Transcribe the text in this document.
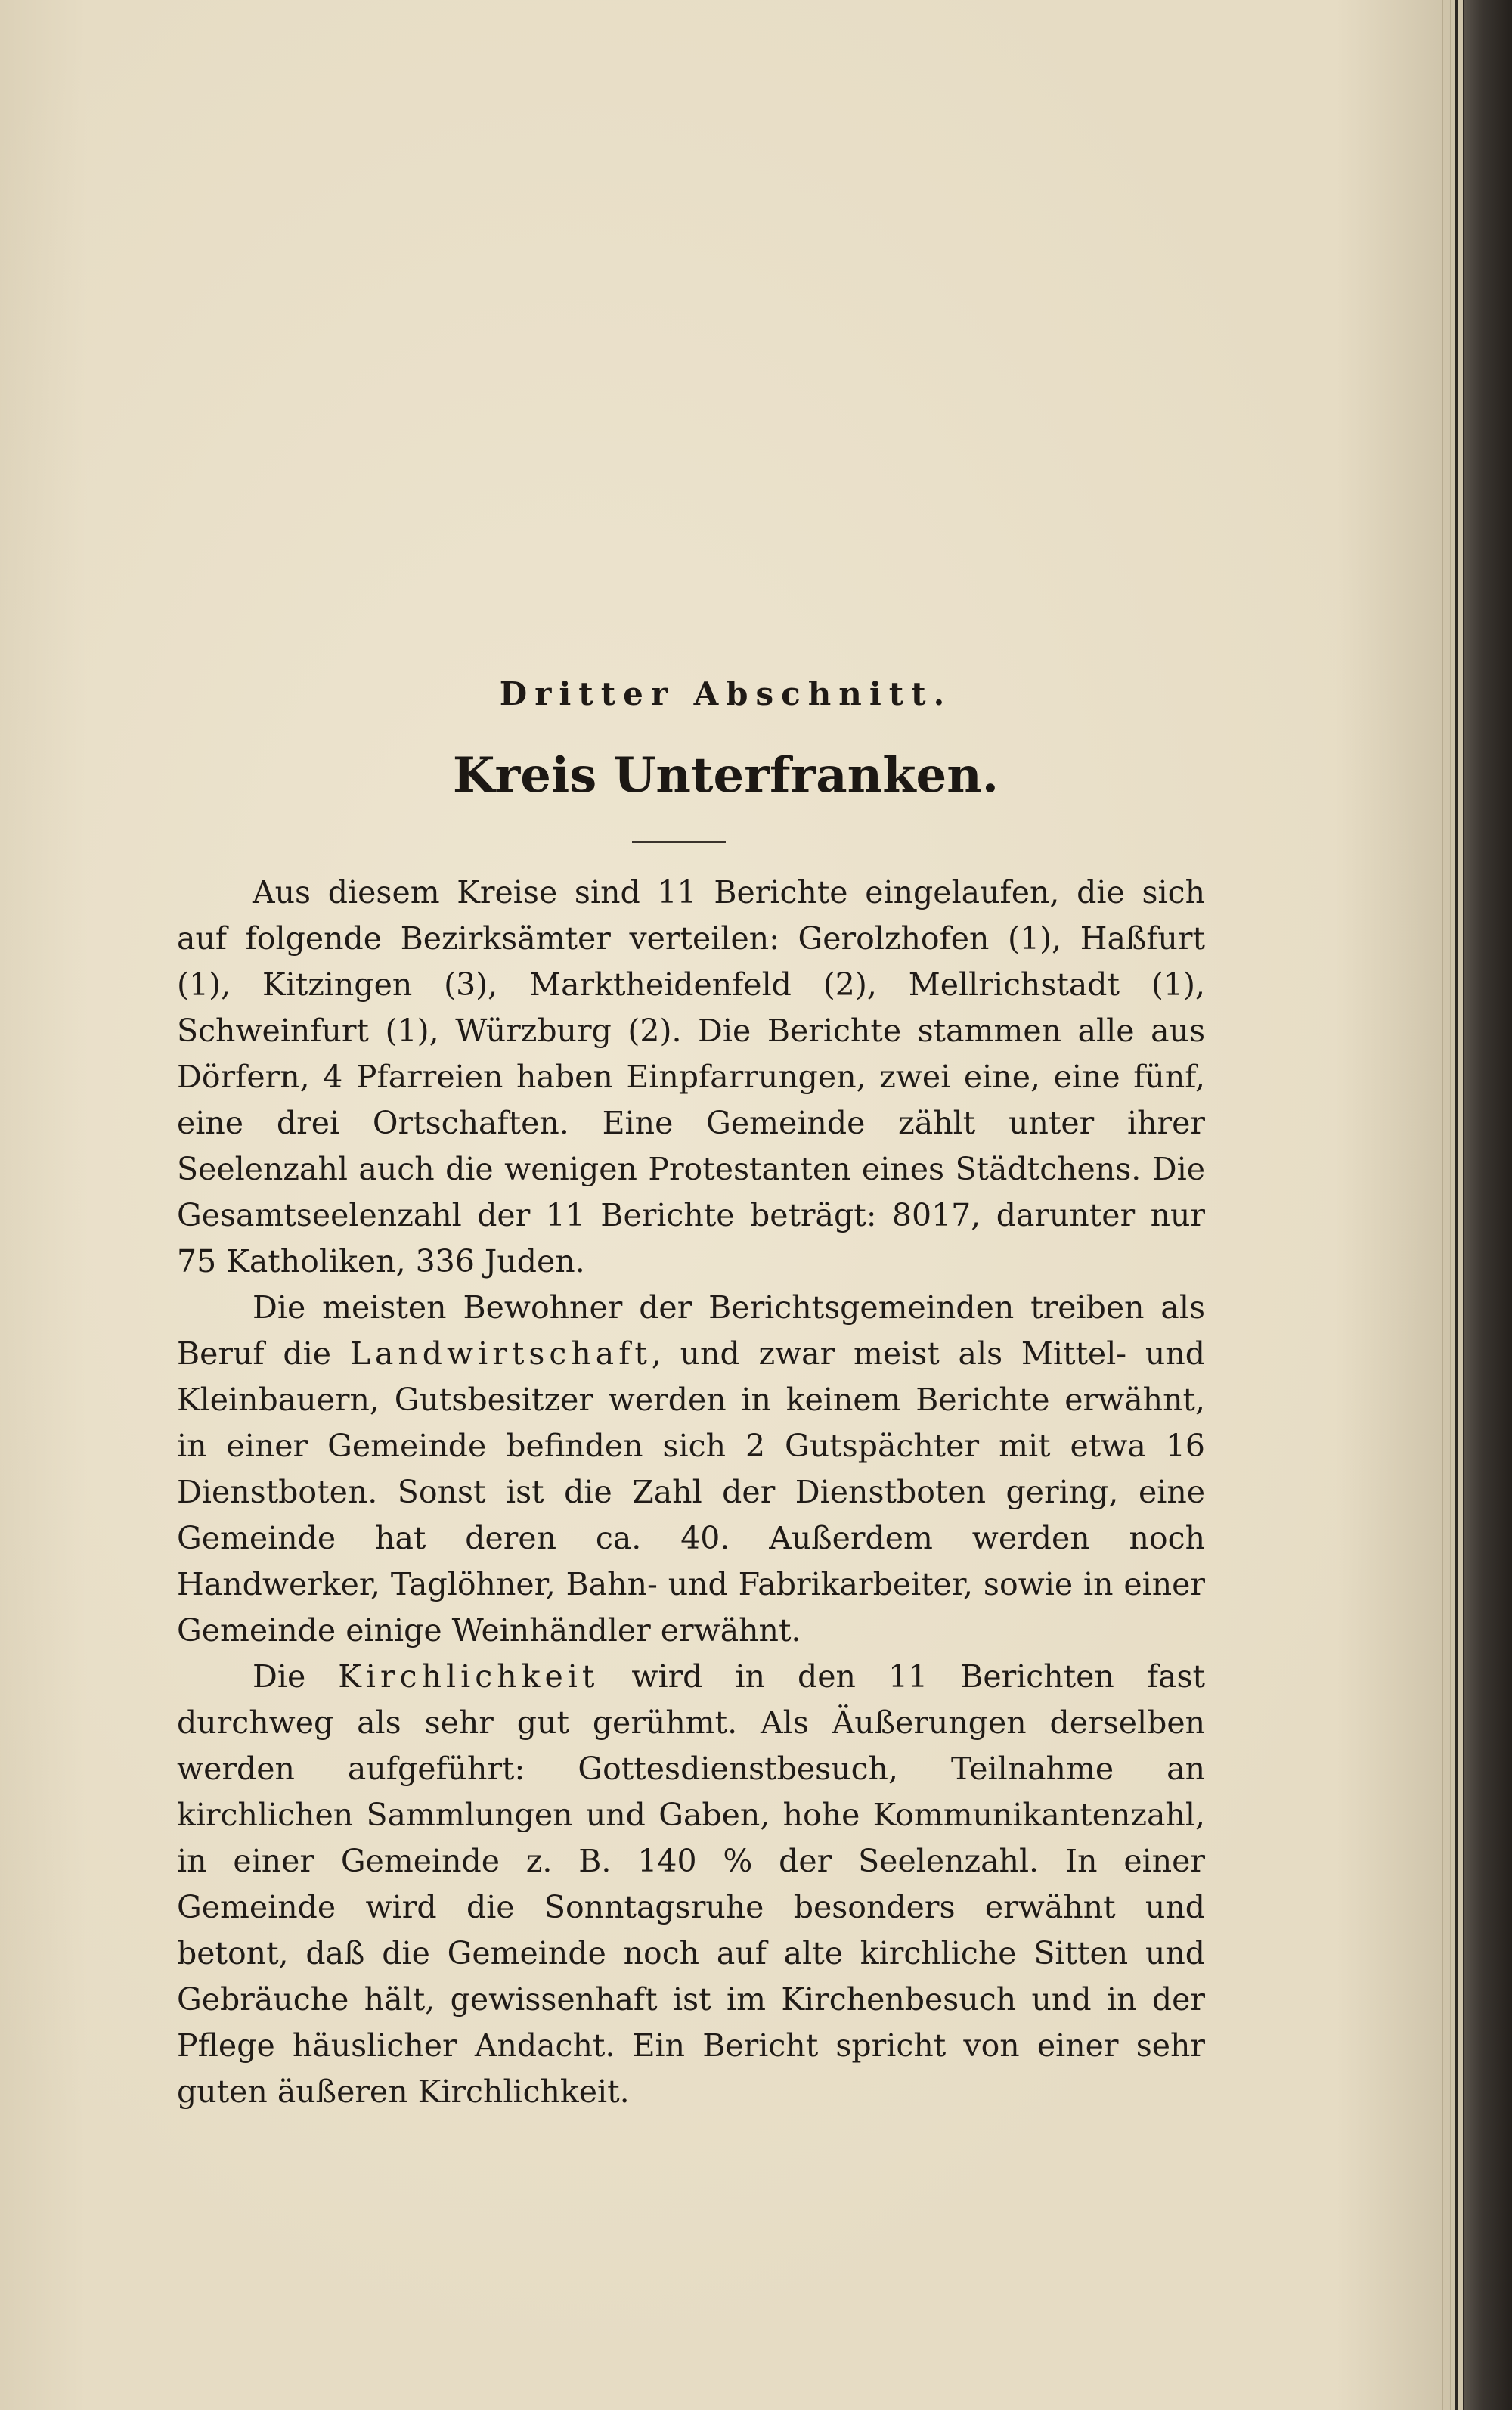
Dritter Abschnitt.
Kreis Unterfranken.

Aus diesem Kreise sind 11 Berichte eingelaufen, die sich auf folgende Bezirksämter verteilen: Gerolzhofen (1), Haßfurt (1), Kitzingen (3), Marktheidenfeld (2), Mellrichstadt (1), Schweinfurt (1), Würzburg (2). Die Berichte stammen alle aus Dörfern, 4 Pfarreien haben Einpfarrungen, zwei eine, eine fünf, eine drei Ortschaften. Eine Gemeinde zählt unter ihrer Seelenzahl auch die wenigen Protestanten eines Städtchens. Die Gesamtseelenzahl der 11 Berichte beträgt: 8017, darunter nur 75 Katholiken, 336 Juden.

Die meisten Bewohner der Berichtsgemeinden treiben als Beruf die Landwirtschaft, und zwar meist als Mittel- und Kleinbauern, Gutsbesitzer werden in keinem Berichte erwähnt, in einer Gemeinde befinden sich 2 Gutspächter mit etwa 16 Dienstboten. Sonst ist die Zahl der Dienstboten gering, eine Gemeinde hat deren ca. 40. Außerdem werden noch Handwerker, Taglöhner, Bahn- und Fabrikarbeiter, sowie in einer Gemeinde einige Weinhändler erwähnt.

Die Kirchlichkeit wird in den 11 Berichten fast durchweg als sehr gut gerühmt. Als Äußerungen derselben werden aufgeführt: Gottesdienstbesuch, Teilnahme an kirchlichen Sammlungen und Gaben, hohe Kommunikantenzahl, in einer Gemeinde z. B. 140 % der Seelenzahl. In einer Gemeinde wird die Sonntagsruhe besonders erwähnt und betont, daß die Gemeinde noch auf alte kirchliche Sitten und Gebräuche hält, gewissenhaft ist im Kirchenbesuch und in der Pflege häuslicher Andacht. Ein Bericht spricht von einer sehr guten äußeren Kirchlichkeit.
